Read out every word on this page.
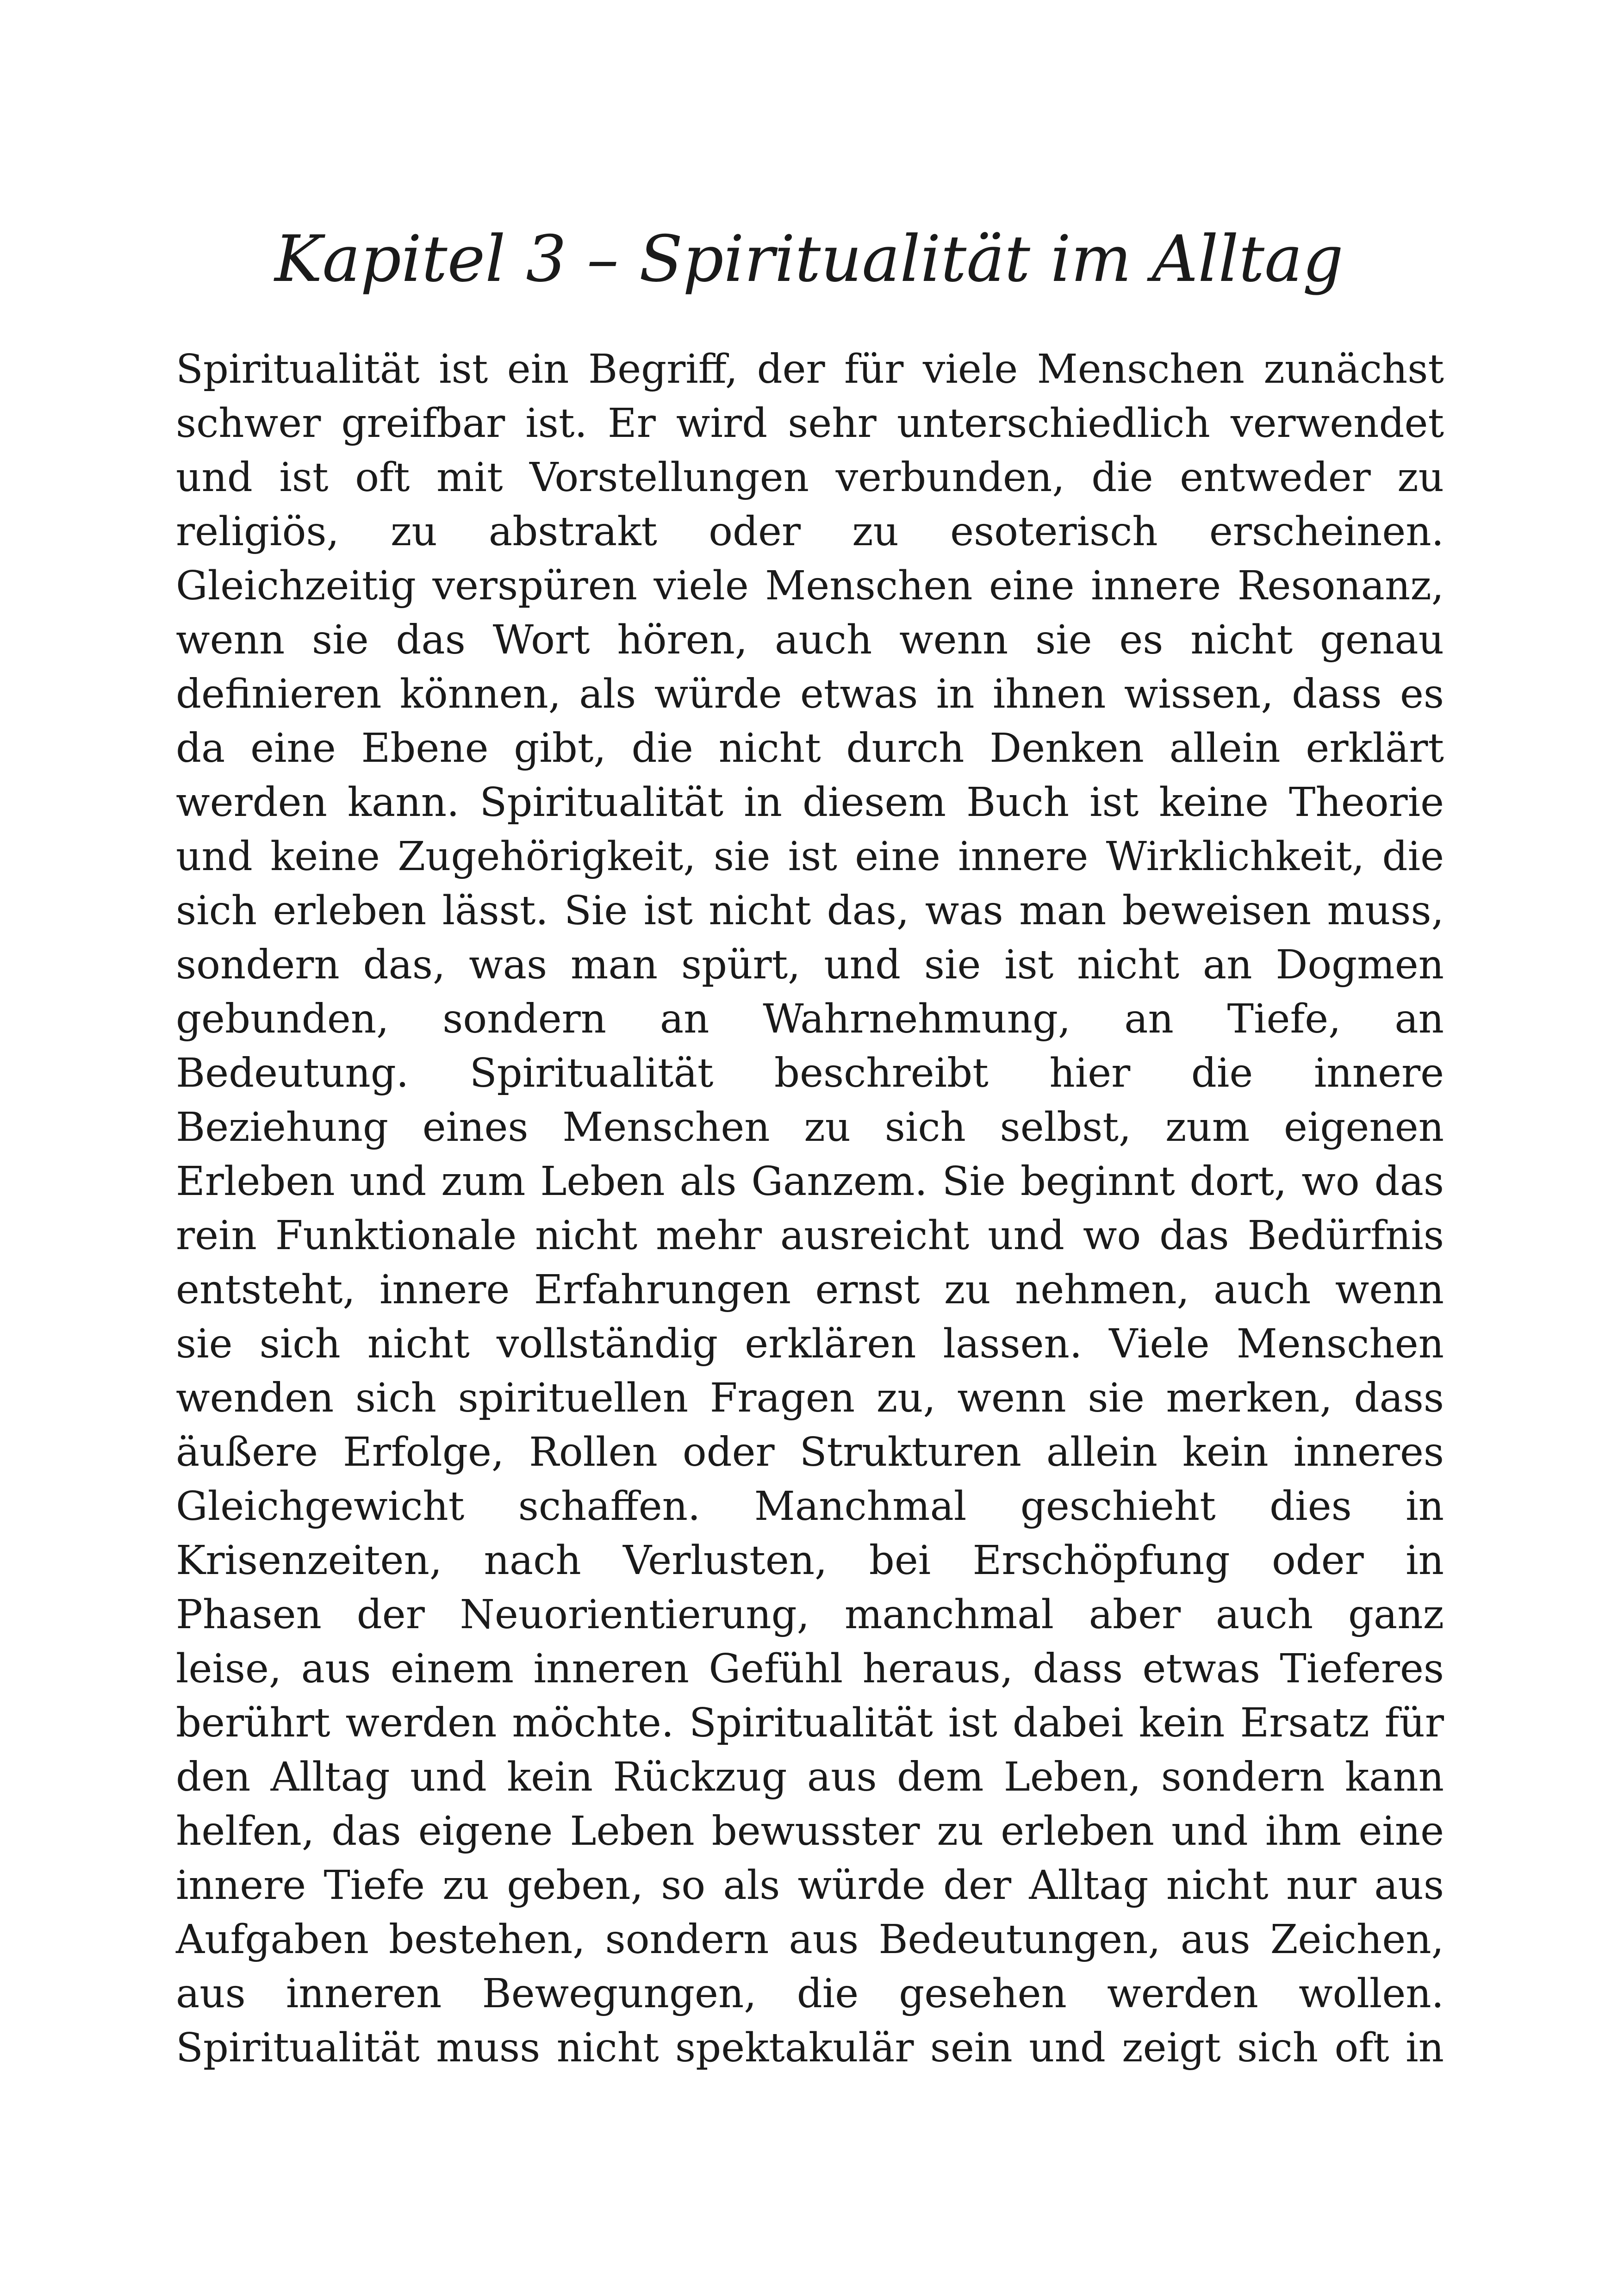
Kapitel 3 – Spiritualität im Alltag
Spiritualität ist ein Begriff, der für viele Menschen zunächst
schwer greifbar ist. Er wird sehr unterschiedlich verwendet
und ist oft mit Vorstellungen verbunden, die entweder zu
religiös, zu abstrakt oder zu esoterisch erscheinen.
Gleichzeitig verspüren viele Menschen eine innere Resonanz,
wenn sie das Wort hören, auch wenn sie es nicht genau
definieren können, als würde etwas in ihnen wissen, dass es
da eine Ebene gibt, die nicht durch Denken allein erklärt
werden kann. Spiritualität in diesem Buch ist keine Theorie
und keine Zugehörigkeit, sie ist eine innere Wirklichkeit, die
sich erleben lässt. Sie ist nicht das, was man beweisen muss,
sondern das, was man spürt, und sie ist nicht an Dogmen
gebunden, sondern an Wahrnehmung, an Tiefe, an
Bedeutung. Spiritualität beschreibt hier die innere
Beziehung eines Menschen zu sich selbst, zum eigenen
Erleben und zum Leben als Ganzem. Sie beginnt dort, wo das
rein Funktionale nicht mehr ausreicht und wo das Bedürfnis
entsteht, innere Erfahrungen ernst zu nehmen, auch wenn
sie sich nicht vollständig erklären lassen. Viele Menschen
wenden sich spirituellen Fragen zu, wenn sie merken, dass
äußere Erfolge, Rollen oder Strukturen allein kein inneres
Gleichgewicht schaffen. Manchmal geschieht dies in
Krisenzeiten, nach Verlusten, bei Erschöpfung oder in
Phasen der Neuorientierung, manchmal aber auch ganz
leise, aus einem inneren Gefühl heraus, dass etwas Tieferes
berührt werden möchte. Spiritualität ist dabei kein Ersatz für
den Alltag und kein Rückzug aus dem Leben, sondern kann
helfen, das eigene Leben bewusster zu erleben und ihm eine
innere Tiefe zu geben, so als würde der Alltag nicht nur aus
Aufgaben bestehen, sondern aus Bedeutungen, aus Zeichen,
aus inneren Bewegungen, die gesehen werden wollen.
Spiritualität muss nicht spektakulär sein und zeigt sich oft in
